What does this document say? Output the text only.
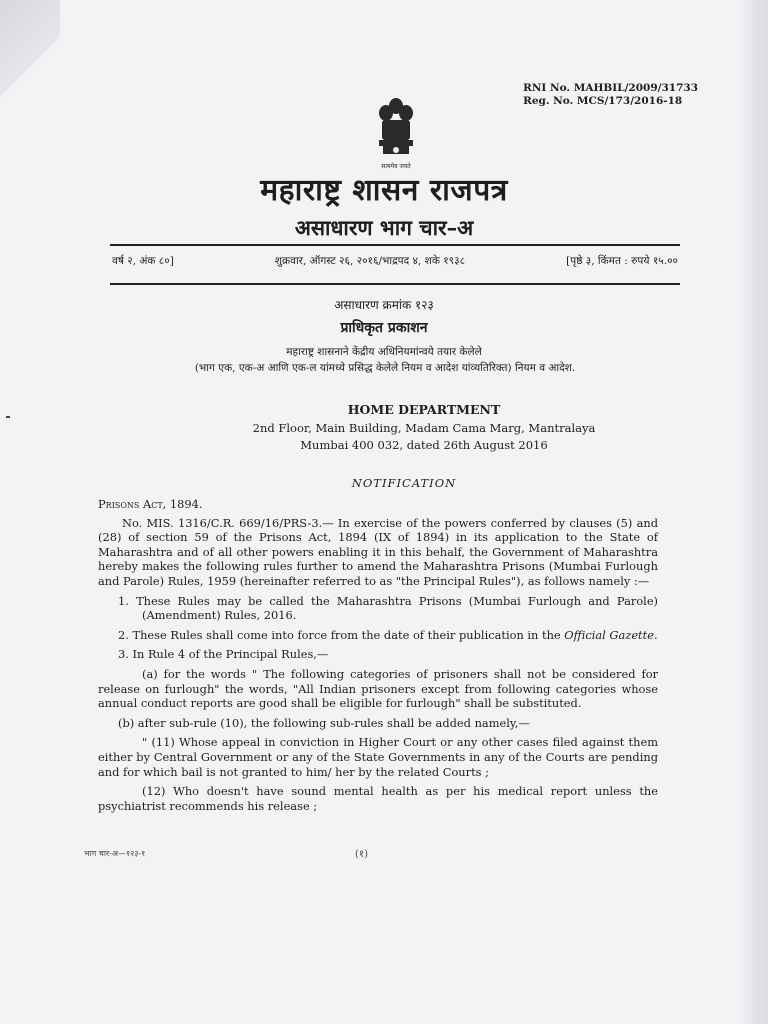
RNI No. MAHBIL/2009/31733
Reg. No. MCS/173/2016-18
सत्यमेव जयते
महाराष्ट्र शासन राजपत्र
असाधारण भाग चार–अ
वर्ष २, अंक ८०]	शुक्रवार, ऑगस्ट २६, २०१६/भाद्रपद ४, शके १९३८	[पृष्ठे ३, किंमत : रुपये १५.००
असाधारण क्रमांक १२३
प्राधिकृत प्रकाशन
महाराष्ट्र शासनाने केंद्रीय अधिनियमांन्वये तयार केलेले
(भाग एक, एक-अ आणि एक-ल यांमध्ये प्रसिद्ध केलेले नियम व आदेश यांव्यतिरिक्त) नियम व आदेश.
HOME DEPARTMENT
2nd Floor, Main Building, Madam Cama Marg, Mantralaya
Mumbai 400 032, dated 26th August 2016
NOTIFICATION

Prisons Act, 1894.

No. MIS. 1316/C.R. 669/16/PRS-3.— In exercise of the powers conferred by clauses (5) and (28) of section 59 of the Prisons Act, 1894 (IX of 1894) in its application to the State of Maharashtra and of all other powers enabling it in this behalf, the Government of Maharashtra hereby makes the following rules further to amend the Maharashtra Prisons (Mumbai Furlough and Parole) Rules, 1959 (hereinafter referred to as "the Principal Rules"), as follows namely :—

1. These Rules may be called the Maharashtra Prisons (Mumbai Furlough and Parole) (Amendment) Rules, 2016.

2. These Rules shall come into force from the date of their publication in the Official Gazette.

3. In Rule 4 of the Principal Rules,—

(a) for the words " The following categories of prisoners shall not be considered for release on furlough" the words, "All Indian prisoners except from following categories whose annual conduct reports are good shall be eligible for furlough" shall be substituted.

(b) after sub-rule (10), the following sub-rules shall be added namely,—

" (11) Whose appeal in conviction in Higher Court or any other cases filed against them either by Central Government or any of the State Governments in any of the Courts are pending and for which bail is not granted to him/ her by the related Courts ;

(12) Who doesn't have sound mental health as per his medical report unless the psychiatrist recommends his release ;

भाग चार-अ—१२३-१	(१)
